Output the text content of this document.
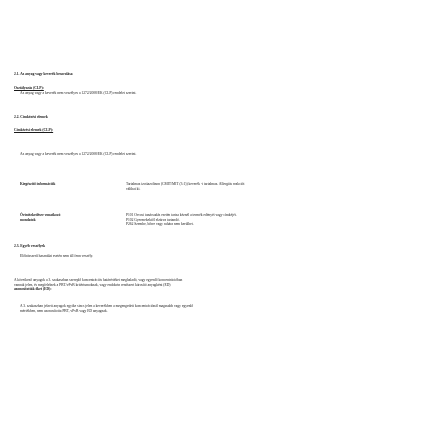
2.1. Az anyag vagy keverék besorolása
Osztályozás (CLP):
Az anyag vagy a keverék nem veszélyes a 1272/2008/EK (CLP) rendelet szerint.
2.2. Címkézési elemek
Címkézési elemek (CLP):
Az anyag vagy a keverék nem veszélyes a 1272/2008/EK (CLP) rendelet szerint.
Kiegészítő információk	Tartalmaz izotiazolinon (CMIT/MIT (3:1)) keverék -t tartalmaz. Allergiás reakciót
válthat ki.
Óvintézkedésre vonatkozó
mondatok
P101 Orvosi tanácsadás esetén tartsa kéznél a termék edényét vagy címkéjét.
P102 Gyermekektől elzárva tartandó.
P262 Szembe, bőrre vagy ruhára nem kerülhet.
2.3. Egyéb veszélyek
Előírásszerű használat esetén nem áll fenn veszély.
A következő anyagok a 3. szakaszban szereplő koncentrációs határértéket meghaladó, vagy egyenlő koncentrációban
vannak jelen, és megfelelnek a PBT/vPvB kritériumoknak, vagy endokrin rendszert károsító anyagként (ED)
azonosították őket (ED):
A 3. szakaszban jelzett anyagok egyike sincs jelen a keverékben a megengedett koncentrációnál magasabb vagy egyenlő
mértékben, nem azonosította PBT, vPvB vagy ED anyagnak.
